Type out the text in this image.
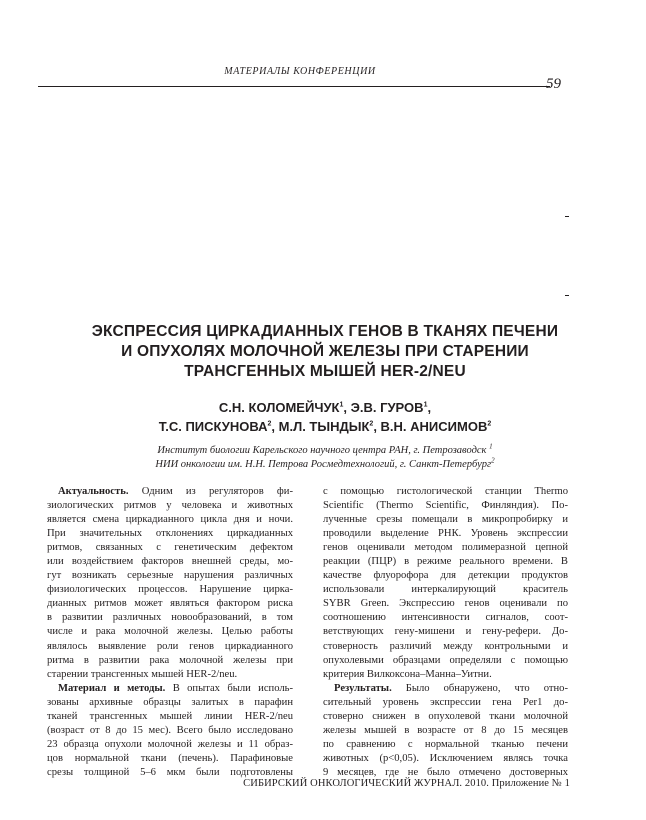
МАТЕРИАЛЫ КОНФЕРЕНЦИИ
59
ЭКСПРЕССИЯ ЦИРКАДИАННЫХ ГЕНОВ В ТКАНЯХ ПЕЧЕНИ
И ОПУХОЛЯХ МОЛОЧНОЙ ЖЕЛЕЗЫ ПРИ СТАРЕНИИ
ТРАНСГЕННЫХ МЫШЕЙ HER-2/NEU
С.Н. КОЛОМЕЙЧУК$^1$, Э.В. ГУРОВ$^1$,
Т.С. ПИСКУНОВА$^2$, М.Л. ТЫНДЫК$^2$, В.Н. АНИСИМОВ$^2$
Институт биологии Карельского научного центра РАН, г. Петрозаводск $^1$
НИИ онкологии им. Н.Н. Петрова Росмедтехнологий, г. Санкт-Петербург$^2$
Актуальность. Одним из регуляторов фи-
зиологических ритмов у человека и животных
является смена циркадианного цикла дня и ночи.
При значительных отклонениях циркадианных
ритмов, связанных с генетическим дефектом
или воздействием факторов внешней среды, мо-
гут возникать серьезные нарушения различных
физиологических процессов. Нарушение цирка-
дианных ритмов может являться фактором риска
в развитии различных новообразований, в том
числе и рака молочной железы. Целью работы
являлось выявление роли генов циркадианного
ритма в развитии рака молочной железы при
старении трансгенных мышей HER-2/neu.
Материал и методы. В опытах были исполь-
зованы архивные образцы залитых в парафин
тканей трансгенных мышей линии HER-2/neu
(возраст от 8 до 15 мес). Всего было исследовано
23 образца опухоли молочной железы и 11 образ-
цов нормальной ткани (печень). Парафиновые
срезы толщиной 5–6 мкм были подготовлены
с помощью гистологической станции Thermo
Scientific (Thermo Scientific, Финляндия). По-
лученные срезы помещали в микропробирку и
проводили выделение РНК. Уровень экспрессии
генов оценивали методом полимеразной цепной
реакции (ПЦР) в режиме реального времени. В
качестве флуорофора для детекции продуктов
использовали интеркалирующий краситель
SYBR Green. Экспрессию генов оценивали по
соотношению интенсивности сигналов, соот-
ветствующих гену-мишени и гену-рефери. До-
стоверность различий между контрольными и
опухолевыми образцами определяли с помощью
критерия Вилкоксона–Манна–Уитни.
Результаты. Было обнаружено, что отно-
сительный уровень экспрессии гена Per1 до-
стоверно снижен в опухолевой ткани молочной
железы мышей в возрасте от 8 до 15 месяцев
по сравнению с нормальной тканью печени
животных (p<0,05). Исключением являсь точка
9 месяцев, где не было отмечено достоверных
СИБИРСКИЙ ОНКОЛОГИЧЕСКИЙ ЖУРНАЛ. 2010. Приложение № 1
